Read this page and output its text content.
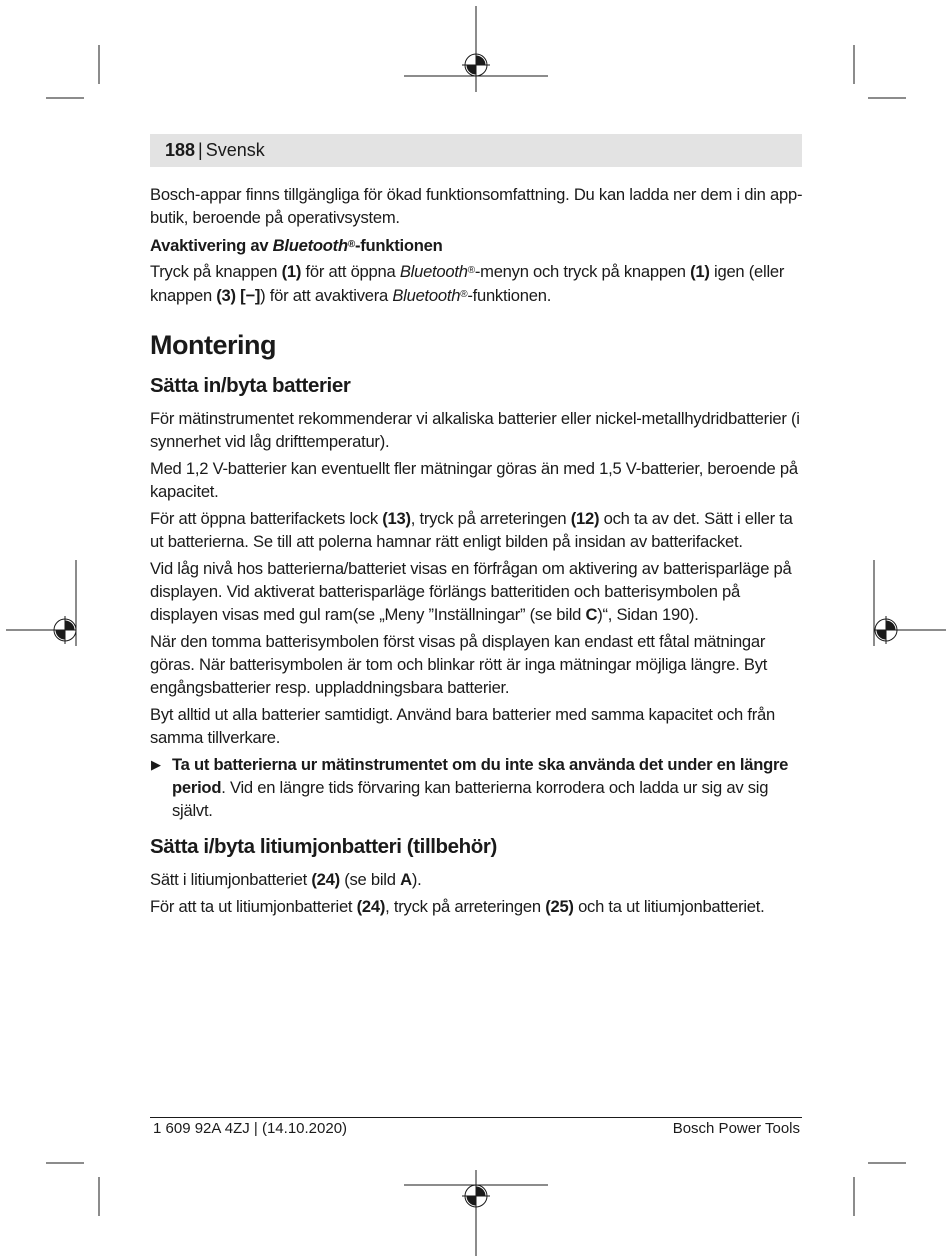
188 | Svensk

Bosch-appar finns tillgängliga för ökad funktionsomfattning. Du kan ladda ner dem i din app-butik, beroende på operativsystem.

Avaktivering av Bluetooth®-funktionen

Tryck på knappen (1) för att öppna Bluetooth®-menyn och tryck på knappen (1) igen (eller knappen (3) [−]) för att avaktivera Bluetooth®-funktionen.

Montering
Sätta in/byta batterier

För mätinstrumentet rekommenderar vi alkaliska batterier eller nickel-metallhydridbatterier (i synnerhet vid låg drifttemperatur).

Med 1,2 V-batterier kan eventuellt fler mätningar göras än med 1,5 V-batterier, beroende på kapacitet.

För att öppna batterifackets lock (13), tryck på arreteringen (12) och ta av det. Sätt i eller ta ut batterierna. Se till att polerna hamnar rätt enligt bilden på insidan av batterifacket.

Vid låg nivå hos batterierna/batteriet visas en förfrågan om aktivering av batterisparläge på displayen. Vid aktiverat batterisparläge förlängs batteritiden och batterisymbolen på displayen visas med gul ram(se „Meny ”Inställningar” (se bild C)“, Sidan 190).

När den tomma batterisymbolen först visas på displayen kan endast ett fåtal mätningar göras. När batterisymbolen är tom och blinkar rött är inga mätningar möjliga längre. Byt engångsbatterier resp. uppladdningsbara batterier.

Byt alltid ut alla batterier samtidigt. Använd bara batterier med samma kapacitet och från samma tillverkare.

▶ Ta ut batterierna ur mätinstrumentet om du inte ska använda det under en längre period. Vid en längre tids förvaring kan batterierna korrodera och ladda ur sig av sig självt.
Sätta i/byta litiumjonbatteri (tillbehör)

Sätt i litiumjonbatteriet (24) (se bild A).

För att ta ut litiumjonbatteriet (24), tryck på arreteringen (25) och ta ut litiumjonbatteriet.

1 609 92A 4ZJ | (14.10.2020)	Bosch Power Tools
